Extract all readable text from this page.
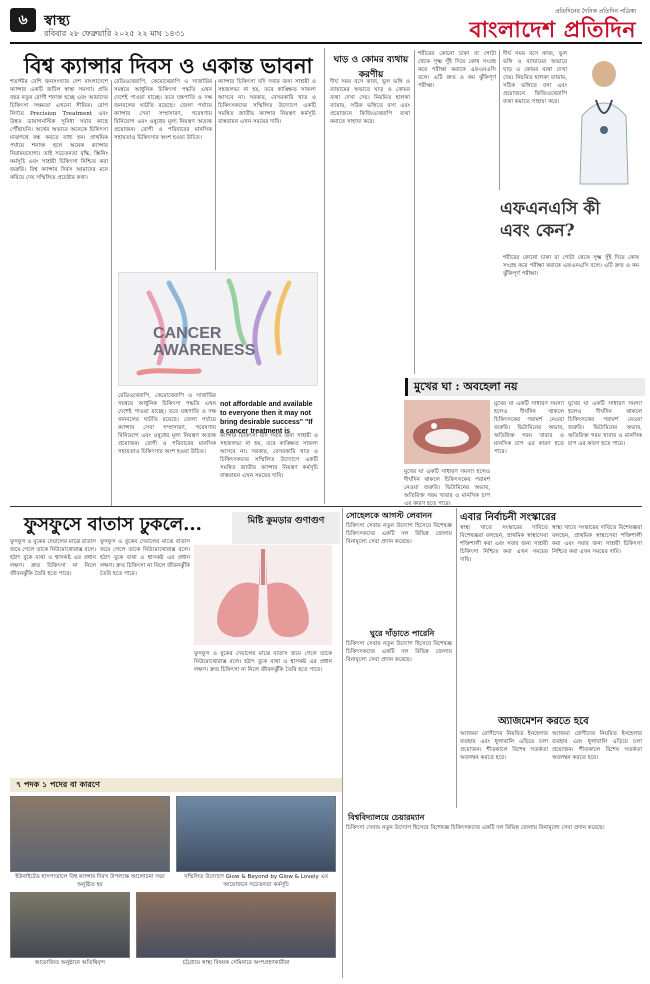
৬	স্বাস্থ্য
রবিবার ২৮ ফেব্রুয়ারি ২০২৫ ২২ মাঘ ১৪৩১
প্রতিদিনের দৈনিক প্রতিদিন পত্রিকা
বাংলাদেশ প্রতিদিন
বিশ্ব ক্যান্সার দিবস ও একান্ত ভাবনা
শতাব্দীর বেশি জনসংখ্যার দেশ বাংলাদেশে ক্যান্সার একটি জটিল স্বাস্থ্য সমস্যা। প্রতি বছর নতুন রোগী শনাক্ত হচ্ছে এবং আমাদের চিকিৎসা সক্ষমতা এখনো সীমিত। রোগ নির্ণয়ে Precision Treatment এবং উন্নত ডায়াগনস্টিক সুবিধা সবার কাছে পৌঁছায়নি। অর্থের অভাবে অনেকে চিকিৎসা মাঝপথে বন্ধ করতে বাধ্য হন। প্রাথমিক পর্যায়ে শনাক্ত হলে অনেক ক্যান্সার নিরাময়যোগ্য। তাই সচেতনতা বৃদ্ধি, স্ক্রিনিং কর্মসূচি এবং সাশ্রয়ী চিকিৎসা নিশ্চিত করা জরুরি। বিশ্ব ক্যান্সার দিবস আমাদের মনে করিয়ে দেয় সম্মিলিত প্রচেষ্টার কথা।
রেডিওথেরাপি, কেমোথেরাপি ও সার্জারির সমন্বয়ে আধুনিক চিকিৎসা পদ্ধতি এখন দেশেই পাওয়া যাচ্ছে। তবে যন্ত্রপাতি ও দক্ষ জনবলের ঘাটতি রয়েছে। জেলা পর্যায়ে ক্যান্সার সেবা সম্প্রসারণ, গবেষণায় বিনিয়োগ এবং ওষুধের মূল্য নিয়ন্ত্রণ অত্যন্ত প্রয়োজন। রোগী ও পরিবারের মানসিক সহায়তাও চিকিৎসার অংশ হওয়া উচিত।
ক্যান্সার চিকিৎসা যদি সবার জন্য সাশ্রয়ী ও সহজলভ্য না হয়, তবে কাঙ্ক্ষিত সাফল্য আসবে না। সরকার, বেসরকারি খাত ও চিকিৎসকদের সম্মিলিত উদ্যোগে একটি সমন্বিত জাতীয় ক্যান্সার নিয়ন্ত্রণ কর্মসূচি বাস্তবায়ন এখন সময়ের দাবি।
CANCER
AWARENESS
not affordable and available to everyone then it may not bring desirable success" "If a cancer treatment is
রেডিওথেরাপি, কেমোথেরাপি ও সার্জারির সমন্বয়ে আধুনিক চিকিৎসা পদ্ধতি এখন দেশেই পাওয়া যাচ্ছে। তবে যন্ত্রপাতি ও দক্ষ জনবলের ঘাটতি রয়েছে। জেলা পর্যায়ে ক্যান্সার সেবা সম্প্রসারণ, গবেষণায় বিনিয়োগ এবং ওষুধের মূল্য নিয়ন্ত্রণ অত্যন্ত প্রয়োজন। রোগী ও পরিবারের মানসিক সহায়তাও চিকিৎসার অংশ হওয়া উচিত।
ক্যান্সার চিকিৎসা যদি সবার জন্য সাশ্রয়ী ও সহজলভ্য না হয়, তবে কাঙ্ক্ষিত সাফল্য আসবে না। সরকার, বেসরকারি খাত ও চিকিৎসকদের সম্মিলিত উদ্যোগে একটি সমন্বিত জাতীয় ক্যান্সার নিয়ন্ত্রণ কর্মসূচি বাস্তবায়ন এখন সময়ের দাবি।
ঘাড় ও কোমর ব্যথায় করণীয়
দীর্ঘ সময় বসে কাজ, ভুল ভঙ্গি ও ব্যায়ামের অভাবে ঘাড় ও কোমর ব্যথা দেখা দেয়। নিয়মিত হালকা ব্যায়াম, সঠিক ভঙ্গিতে বসা এবং প্রয়োজনে ফিজিওথেরাপি ব্যথা কমাতে সাহায্য করে।
শরীরের কোনো চাকা বা গোটা থেকে সূক্ষ্ম সুঁই দিয়ে কোষ সংগ্রহ করে পরীক্ষা করাকে এফএনএসি বলে। এটি দ্রুত ও কম ঝুঁকিপূর্ণ পরীক্ষা।
দীর্ঘ সময় বসে কাজ, ভুল ভঙ্গি ও ব্যায়ামের অভাবে ঘাড় ও কোমর ব্যথা দেখা দেয়। নিয়মিত হালকা ব্যায়াম, সঠিক ভঙ্গিতে বসা এবং প্রয়োজনে ফিজিওথেরাপি ব্যথা কমাতে সাহায্য করে।
এফএনএসি কী এবং কেন?
শরীরের কোনো চাকা বা গোটা থেকে সূক্ষ্ম সুঁই দিয়ে কোষ সংগ্রহ করে পরীক্ষা করাকে এফএনএসি বলে। এটি দ্রুত ও কম ঝুঁকিপূর্ণ পরীক্ষা।
মুখের ঘা : অবহেলা নয়
মুখের ঘা একটি সাধারণ সমস্যা হলেও দীর্ঘদিন থাকলে চিকিৎসকের পরামর্শ নেওয়া জরুরি। ভিটামিনের অভাব, অতিরিক্ত গরম খাবার ও মানসিক চাপ এর কারণ হতে পারে।
মুখের ঘা একটি সাধারণ সমস্যা হলেও দীর্ঘদিন থাকলে চিকিৎসকের পরামর্শ নেওয়া জরুরি। ভিটামিনের অভাব, অতিরিক্ত গরম খাবার ও মানসিক চাপ এর কারণ হতে পারে।
মুখের ঘা একটি সাধারণ সমস্যা হলেও দীর্ঘদিন থাকলে চিকিৎসকের পরামর্শ নেওয়া জরুরি। ভিটামিনের অভাব, অতিরিক্ত গরম খাবার ও মানসিক চাপ এর কারণ হতে পারে।
ফুসফুসে বাতাস ঢুকলে...
ফুসফুস ও বুকের দেয়ালের মাঝে বাতাস জমে গেলে তাকে নিউমোথোরাক্স বলে। হঠাৎ বুকে ব্যথা ও শ্বাসকষ্ট এর প্রধান লক্ষণ। দ্রুত চিকিৎসা না নিলে জীবনঝুঁকি তৈরি হতে পারে।
ফুসফুস ও বুকের দেয়ালের মাঝে বাতাস জমে গেলে তাকে নিউমোথোরাক্স বলে। হঠাৎ বুকে ব্যথা ও শ্বাসকষ্ট এর প্রধান লক্ষণ। দ্রুত চিকিৎসা না নিলে জীবনঝুঁকি তৈরি হতে পারে।
ফুসফুস ও বুকের দেয়ালের মাঝে বাতাস জমে গেলে তাকে নিউমোথোরাক্স বলে। হঠাৎ বুকে ব্যথা ও শ্বাসকষ্ট এর প্রধান লক্ষণ। দ্রুত চিকিৎসা না নিলে জীবনঝুঁকি তৈরি হতে পারে।
মিষ্টি কুমড়ার গুণাগুণ
সোহেলকে আগস্ট লেবানন
চিকিৎসা সেবায় নতুন উদ্যোগ হিসেবে বিশেষজ্ঞ চিকিৎসকদের একটি দল বিভিন্ন জেলায় বিনামূল্যে সেবা প্রদান করেছে।
ঘুরে দাঁড়াতে পারেনি
চিকিৎসা সেবায় নতুন উদ্যোগ হিসেবে বিশেষজ্ঞ চিকিৎসকদের একটি দল বিভিন্ন জেলায় বিনামূল্যে সেবা প্রদান করেছে।
বিশ্ববিদ্যালয়ে চেয়ারম্যান
চিকিৎসা সেবায় নতুন উদ্যোগ হিসেবে বিশেষজ্ঞ চিকিৎসকদের একটি দল বিভিন্ন জেলায় বিনামূল্যে সেবা প্রদান করেছে।
এবার নির্বাচনী সংস্কারের
স্বাস্থ্য খাতে সংস্কারের দাবিতে বিশেষজ্ঞরা বলছেন, প্রাথমিক স্বাস্থ্যসেবা শক্তিশালী করা এবং সবার জন্য সাশ্রয়ী চিকিৎসা নিশ্চিত করা এখন সময়ের দাবি।
স্বাস্থ্য খাতে সংস্কারের দাবিতে বিশেষজ্ঞরা বলছেন, প্রাথমিক স্বাস্থ্যসেবা শক্তিশালী করা এবং সবার জন্য সাশ্রয়ী চিকিৎসা নিশ্চিত করা এখন সময়ের দাবি।
অ্যাজমেশন করতে হবে
অ্যাজমা রোগীদের নিয়মিত ইনহেলার ব্যবহার এবং ধুলাবালি এড়িয়ে চলা প্রয়োজন। শীতকালে বিশেষ সতর্কতা অবলম্বন করতে হবে।
অ্যাজমা রোগীদের নিয়মিত ইনহেলার ব্যবহার এবং ধুলাবালি এড়িয়ে চলা প্রয়োজন। শীতকালে বিশেষ সতর্কতা অবলম্বন করতে হবে।
৭ পদক ১ পদের বা কারণে
ইউনাইটেড হাসপাতালে বিশ্ব ক্যান্সার দিবস উপলক্ষে আলোচনা সভা অনুষ্ঠিত হয়
সম্মিলিত উদ্যোগে Glow & Beyond by Glow & Lovely এর আয়োজনে সচেতনতা কর্মসূচি
আয়োজিত অনুষ্ঠানে অতিথিবৃন্দ	চট্টগ্রামে স্বাস্থ্য বিষয়ক সেমিনারে অংশগ্রহণকারীরা
